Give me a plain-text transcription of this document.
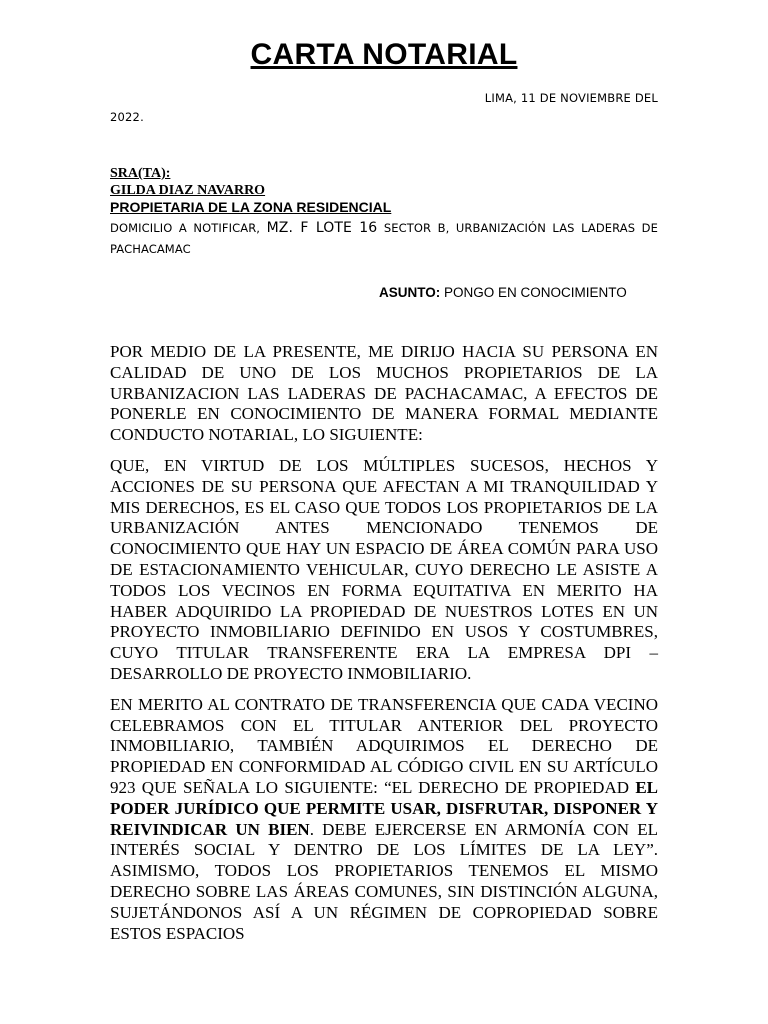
CARTA NOTARIAL
LIMA, 11 DE NOVIEMBRE DEL
2022.
SRA(TA):
GILDA DIAZ NAVARRO
PROPIETARIA DE LA ZONA RESIDENCIAL
DOMICILIO A NOTIFICAR, MZ. F LOTE 16 SECTOR B, URBANIZACIÓN LAS LADERAS DE PACHACAMAC
ASUNTO: PONGO EN CONOCIMIENTO

POR MEDIO DE LA PRESENTE, ME DIRIJO HACIA SU PERSONA EN CALIDAD DE UNO DE LOS MUCHOS PROPIETARIOS DE LA URBANIZACION LAS LADERAS DE PACHACAMAC, A EFECTOS DE PONERLE EN CONOCIMIENTO DE MANERA FORMAL MEDIANTE CONDUCTO NOTARIAL, LO SIGUIENTE:

QUE, EN VIRTUD DE LOS MÚLTIPLES SUCESOS, HECHOS Y ACCIONES DE SU PERSONA QUE AFECTAN A MI TRANQUILIDAD Y MIS DERECHOS, ES EL CASO QUE TODOS LOS PROPIETARIOS DE LA URBANIZACIÓN ANTES MENCIONADO TENEMOS DE CONOCIMIENTO QUE HAY UN ESPACIO DE ÁREA COMÚN PARA USO DE ESTACIONAMIENTO VEHICULAR, CUYO DERECHO LE ASISTE A TODOS LOS VECINOS EN FORMA EQUITATIVA EN MERITO HA HABER ADQUIRIDO LA PROPIEDAD DE NUESTROS LOTES EN UN PROYECTO INMOBILIARIO DEFINIDO EN USOS Y COSTUMBRES, CUYO TITULAR TRANSFERENTE ERA LA EMPRESA DPI – DESARROLLO DE PROYECTO INMOBILIARIO.

EN MERITO AL CONTRATO DE TRANSFERENCIA QUE CADA VECINO CELEBRAMOS CON EL TITULAR ANTERIOR DEL PROYECTO INMOBILIARIO, TAMBIÉN ADQUIRIMOS EL DERECHO DE PROPIEDAD EN CONFORMIDAD AL CÓDIGO CIVIL EN SU ARTÍCULO 923 QUE SEÑALA LO SIGUIENTE: “EL DERECHO DE PROPIEDAD EL PODER JURÍDICO QUE PERMITE USAR, DISFRUTAR, DISPONER Y REIVINDICAR UN BIEN. DEBE EJERCERSE EN ARMONÍA CON EL INTERÉS SOCIAL Y DENTRO DE LOS LÍMITES DE LA LEY”. ASIMISMO, TODOS LOS PROPIETARIOS TENEMOS EL MISMO DERECHO SOBRE LAS ÁREAS COMUNES, SIN DISTINCIÓN ALGUNA, SUJETÁNDONOS ASÍ A UN RÉGIMEN DE COPROPIEDAD SOBRE ESTOS ESPACIOS
